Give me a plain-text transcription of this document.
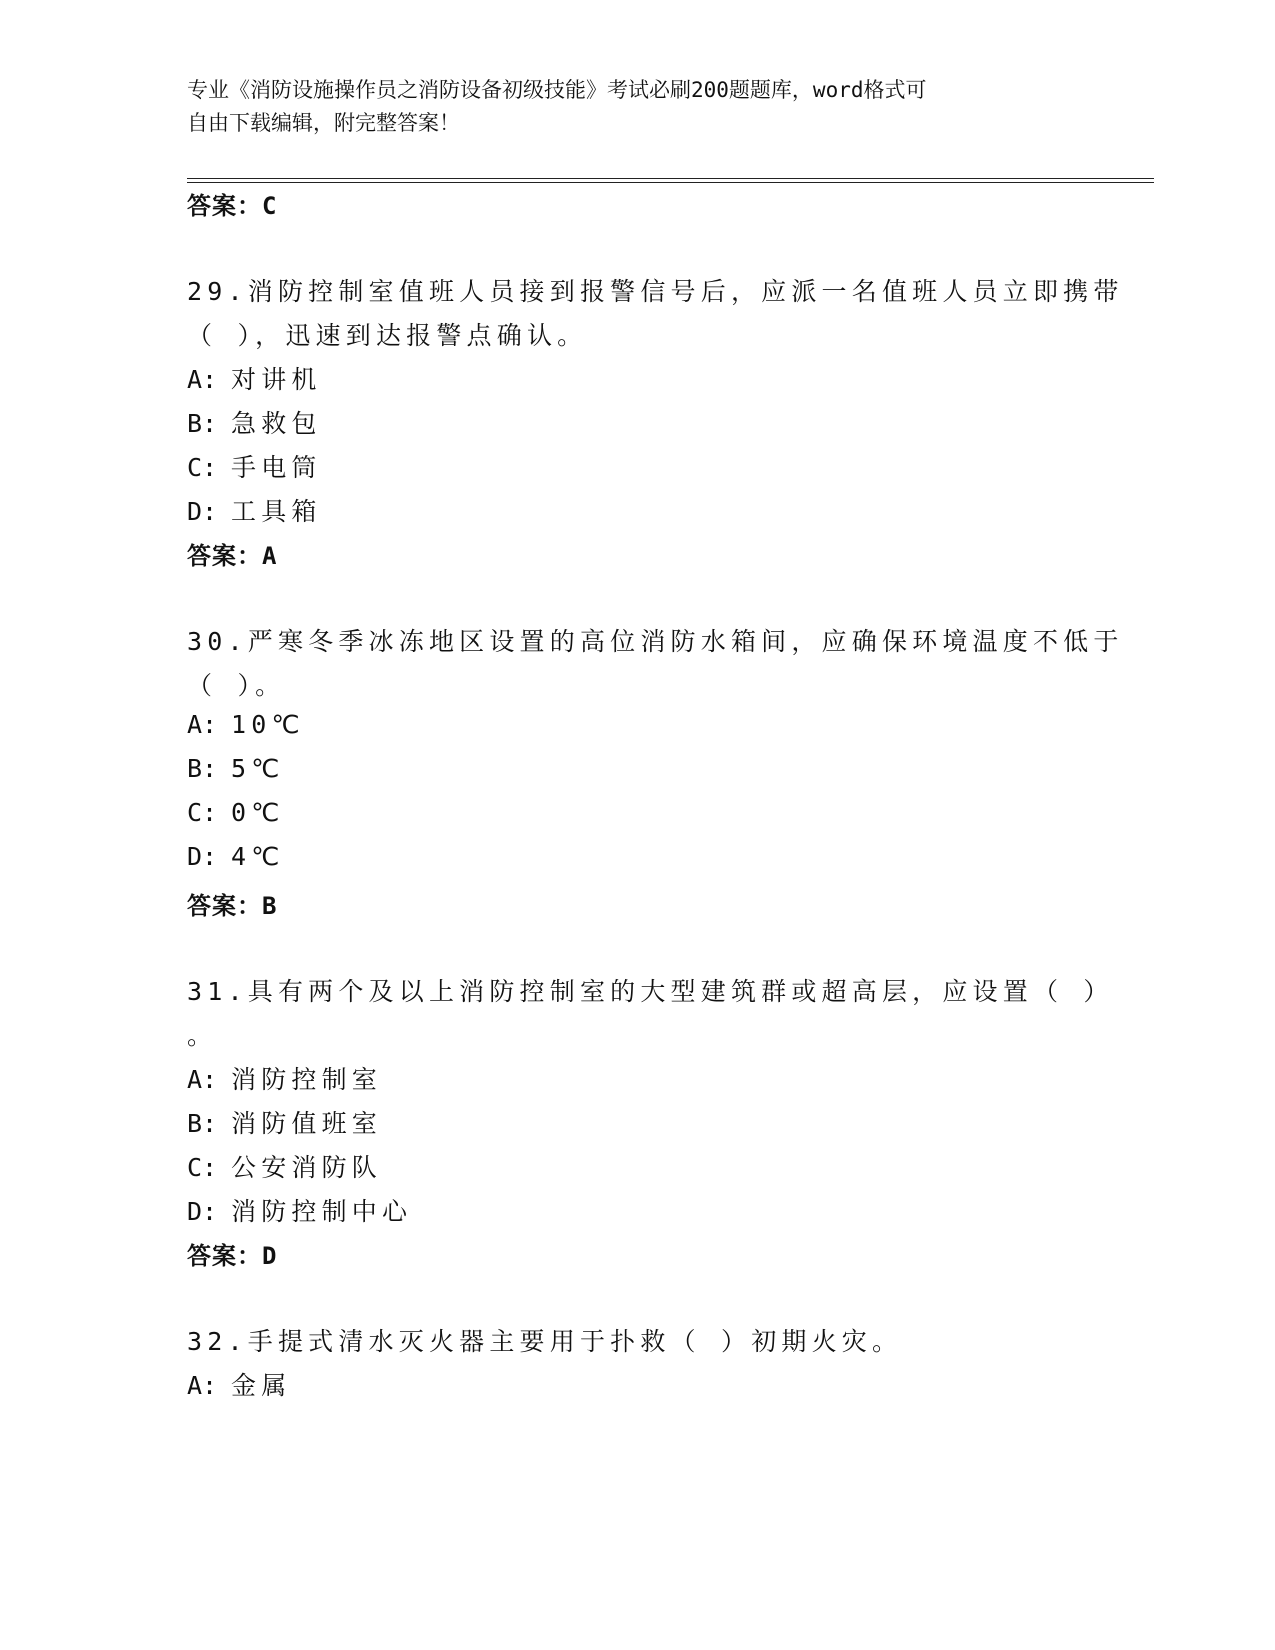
专业《消防设施操作员之消防设备初级技能》考试必刷200题题库，word格式可
自由下载编辑，附完整答案！
答案：C
29.消防控制室值班人员接到报警信号后，应派一名值班人员立即携带
（ ），迅速到达报警点确认。
A: 对讲机
B: 急救包
C: 手电筒
D: 工具箱
答案：A
30.严寒冬季冰冻地区设置的高位消防水箱间，应确保环境温度不低于
（ ）。
A: 10℃
B: 5℃
C: 0℃
D: 4℃
答案：B
31.具有两个及以上消防控制室的大型建筑群或超高层，应设置（ ）
。
A: 消防控制室
B: 消防值班室
C: 公安消防队
D: 消防控制中心
答案：D
32.手提式清水灭火器主要用于扑救（ ）初期火灾。
A: 金属
